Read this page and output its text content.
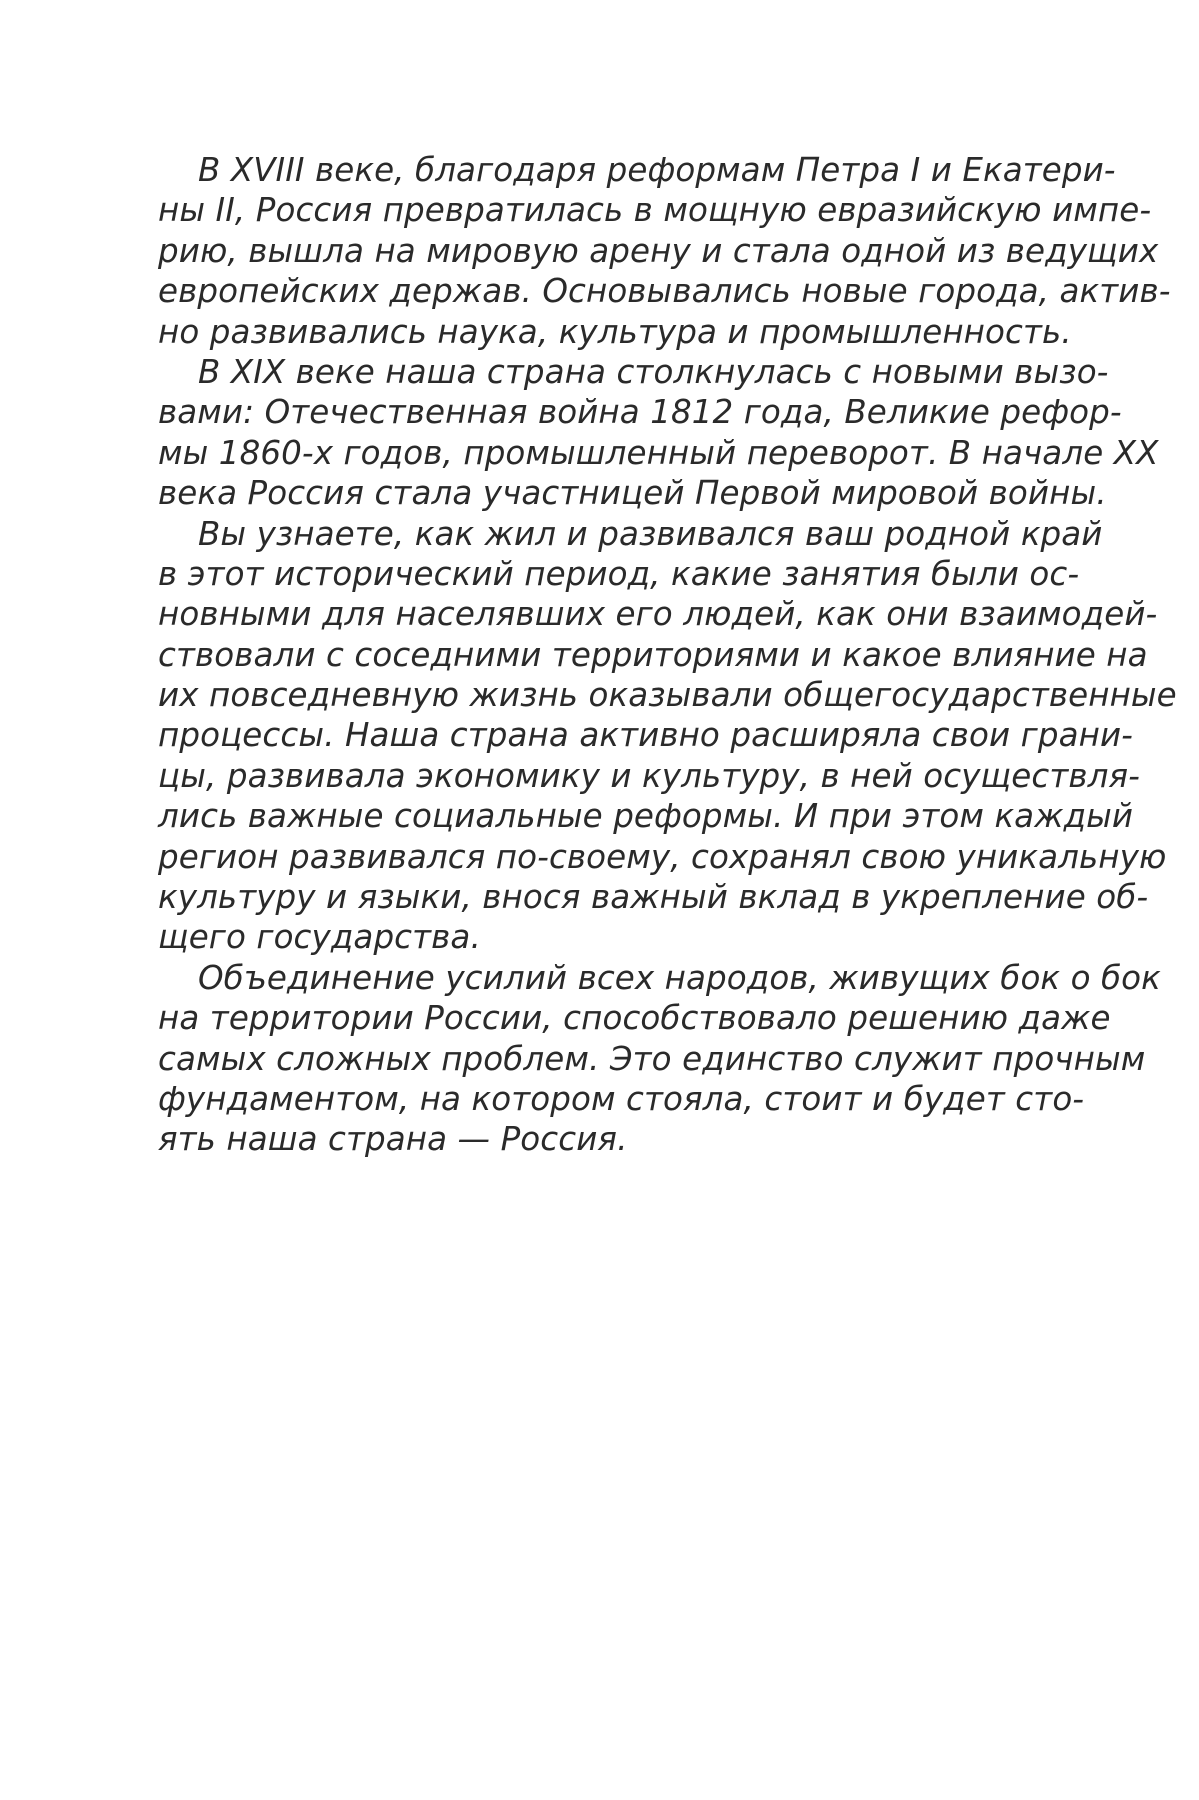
В XVIII веке, благодаря реформам Петра I и Екатери-
ны II, Россия превратилась в мощную евразийскую импе-
рию, вышла на мировую арену и стала одной из ведущих
европейских держав. Основывались новые города, актив-
но развивались наука, культура и промышленность.
В XIX веке наша страна столкнулась с новыми вызо-
вами: Отечественная война 1812 года, Великие рефор-
мы 1860-х годов, промышленный переворот. В начале XX
века Россия стала участницей Первой мировой войны.
Вы узнаете, как жил и развивался ваш родной край
в этот исторический период, какие занятия были ос-
новными для населявших его людей, как они взаимодей-
ствовали с соседними территориями и какое влияние на
их повседневную жизнь оказывали общегосударственные
процессы. Наша страна активно расширяла свои грани-
цы, развивала экономику и культуру, в ней осуществля-
лись важные социальные реформы. И при этом каждый
регион развивался по-своему, сохранял свою уникальную
культуру и языки, внося важный вклад в укрепление об-
щего государства.
Объединение усилий всех народов, живущих бок о бок
на территории России, способствовало решению даже
самых сложных проблем. Это единство служит прочным
фундаментом, на котором стояла, стоит и будет сто-
ять наша страна — Россия.
